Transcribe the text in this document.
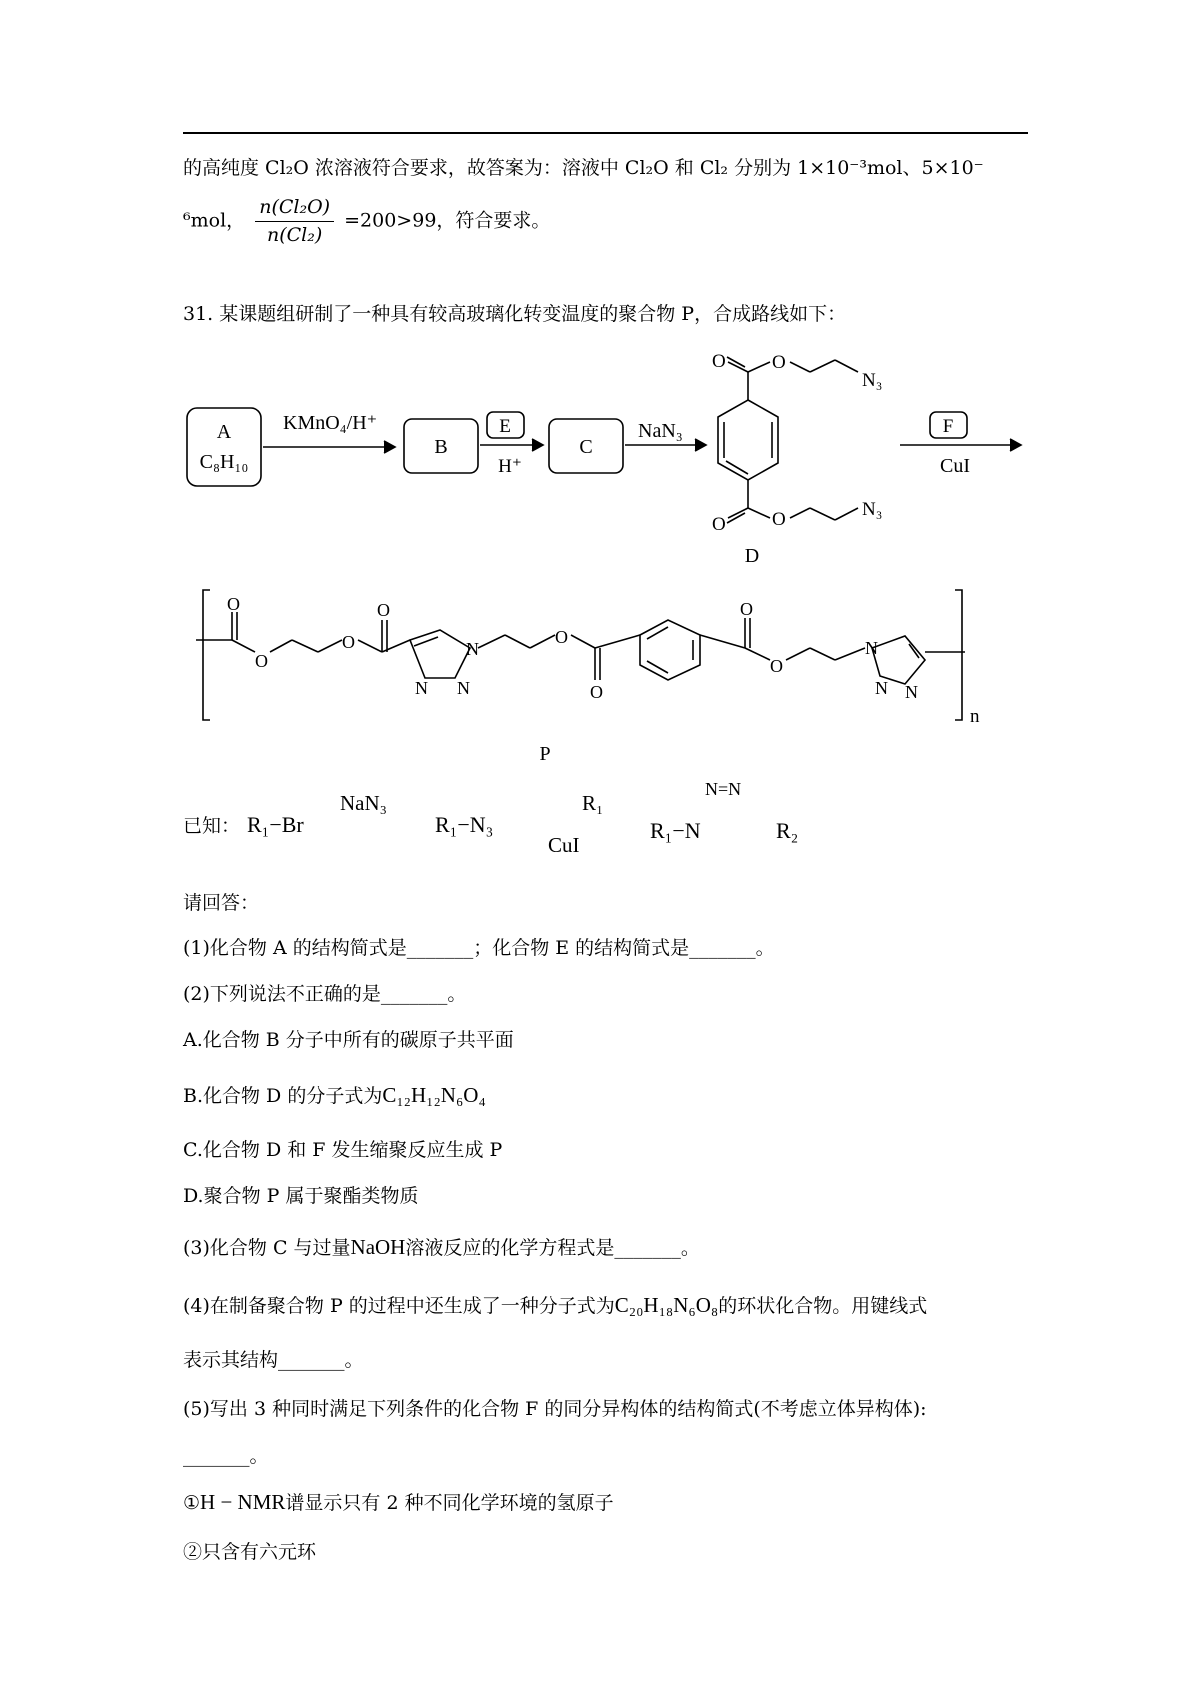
的高纯度 Cl₂O 浓溶液符合要求，故答案为：溶液中 Cl₂O 和 Cl₂ 分别为 1×10⁻³mol、5×10⁻
⁶mol， $\frac{\text{n(Cl₂O)}}{\text{n(Cl₂)}} =200>99$，符合要求。
31. 某课题组研制了一种具有较高玻璃化转变温度的聚合物 P，合成路线如下：
A
C₈H₁₀
KMnO₄/H⁺
B
E
H⁺
C
NaN₃	F
CuI
O O
N₃
O O	N₃
D
O
O
O
O
N
N
N
O
O
O
O
N
N N
n
P
已知： R₁−Br
NaN₃
R₁−N₃
R₁
CuI
R₁−N
N=N
R₂
请回答：
(1)化合物 A 的结构简式是_______；化合物 E 的结构简式是_______。
(2)下列说法不正确的是_______。
A.化合物 B 分子中所有的碳原子共平面
B.化合物 D 的分子式为C₁₂H₁₂N₆O₄
C.化合物 D 和 F 发生缩聚反应生成 P
D.聚合物 P 属于聚酯类物质
(3)化合物 C 与过量NaOH溶液反应的化学方程式是_______。
(4)在制备聚合物 P 的过程中还生成了一种分子式为C₂₀H₁₈N₆O₈的环状化合物。用键线式
表示其结构_______。
(5)写出 3 种同时满足下列条件的化合物 F 的同分异构体的结构简式(不考虑立体异构体):
_______。
①H − NMR谱显示只有 2 种不同化学环境的氢原子
②只含有六元环
